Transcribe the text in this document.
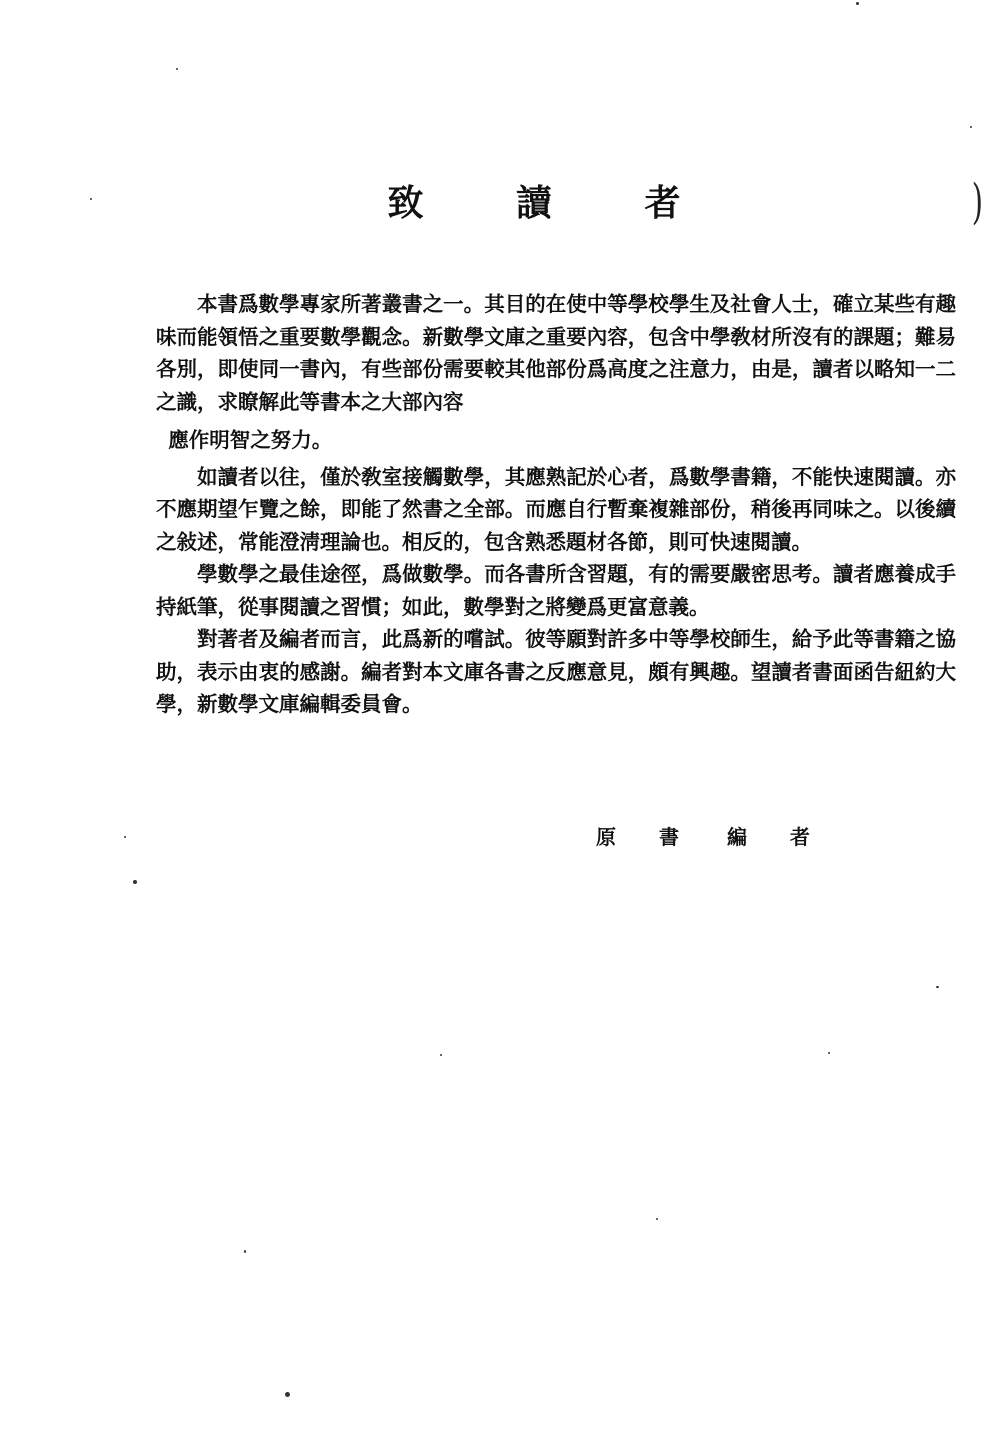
致 讀 者	)

本書爲數學專家所著叢書之一。其目的在使中等學校學生及社會人士，確立某些有趣味而能領悟之重要數學觀念。新數學文庫之重要內容，包含中學敎材所沒有的課題；難易各別，即使同一書內，有些部份需要較其他部份爲高度之注意力，由是，讀者以略知一二之識，求瞭解此等書本之大部內容

應作明智之努力。

如讀者以往，僅於敎室接觸數學，其應熟記於心者，爲數學書籍，不能快速閱讀。亦不應期望乍覽之餘，即能了然書之全部。而應自行暫棄複雜部份，稍後再同味之。以後續之敍述，常能澄淸理論也。相反的，包含熟悉題材各節，則可快速閱讀。

學數學之最佳途徑，爲做數學。而各書所含習題，有的需要嚴密思考。讀者應養成手持紙筆，從事閱讀之習慣；如此，數學對之將變爲更富意義。

對著者及編者而言，此爲新的嚐試。彼等願對許多中等學校師生，給予此等書籍之協助，表示由衷的感謝。編者對本文庫各書之反應意見，頗有興趣。望讀者書面函告紐約大學，新數學文庫編輯委員會。

原 書 編 者
